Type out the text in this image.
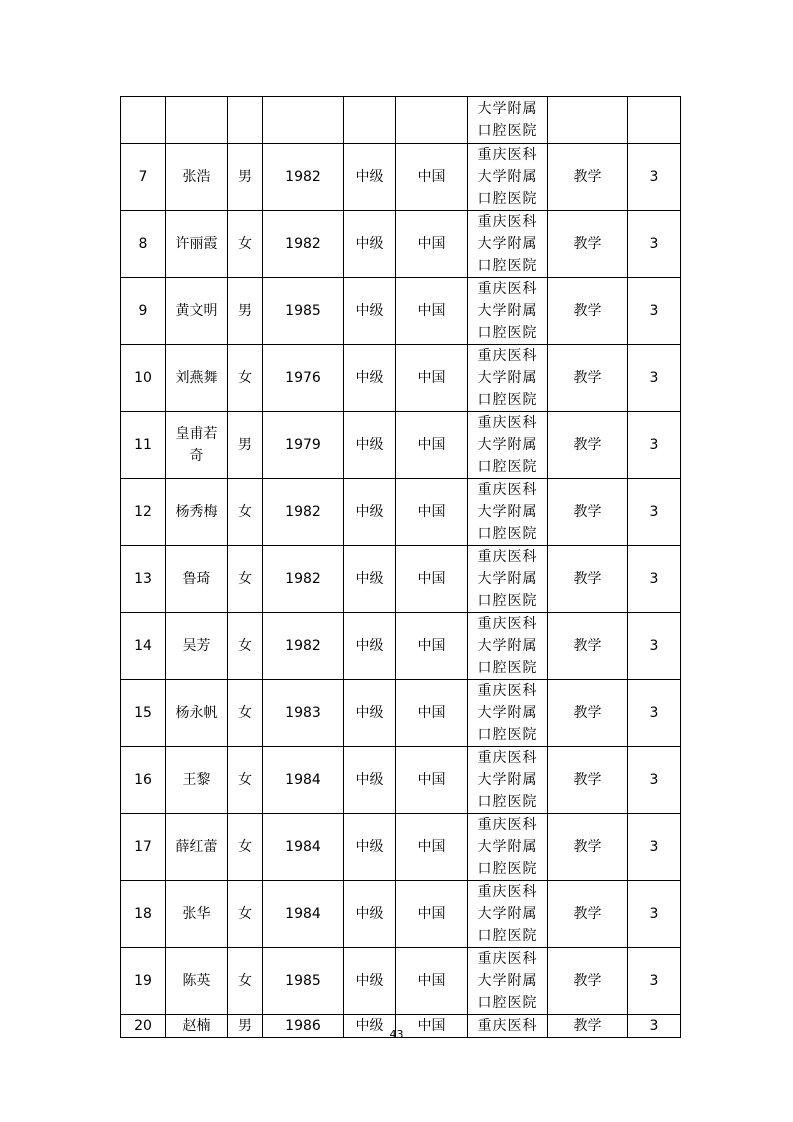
						大学附属口腔医院		
7	张浩	男	1982	中级	中国	重庆医科大学附属口腔医院	教学	3
8	许丽霞	女	1982	中级	中国	重庆医科大学附属口腔医院	教学	3
9	黄文明	男	1985	中级	中国	重庆医科大学附属口腔医院	教学	3
10	刘燕舞	女	1976	中级	中国	重庆医科大学附属口腔医院	教学	3
11	皇甫若奇	男	1979	中级	中国	重庆医科大学附属口腔医院	教学	3
12	杨秀梅	女	1982	中级	中国	重庆医科大学附属口腔医院	教学	3
13	鲁琦	女	1982	中级	中国	重庆医科大学附属口腔医院	教学	3
14	吴芳	女	1982	中级	中国	重庆医科大学附属口腔医院	教学	3
15	杨永帆	女	1983	中级	中国	重庆医科大学附属口腔医院	教学	3
16	王黎	女	1984	中级	中国	重庆医科大学附属口腔医院	教学	3
17	薛红蕾	女	1984	中级	中国	重庆医科大学附属口腔医院	教学	3
18	张华	女	1984	中级	中国	重庆医科大学附属口腔医院	教学	3
19	陈英	女	1985	中级	中国	重庆医科大学附属口腔医院	教学	3
20	赵楠	男	1986	中级	中国	重庆医科	教学	3
43
